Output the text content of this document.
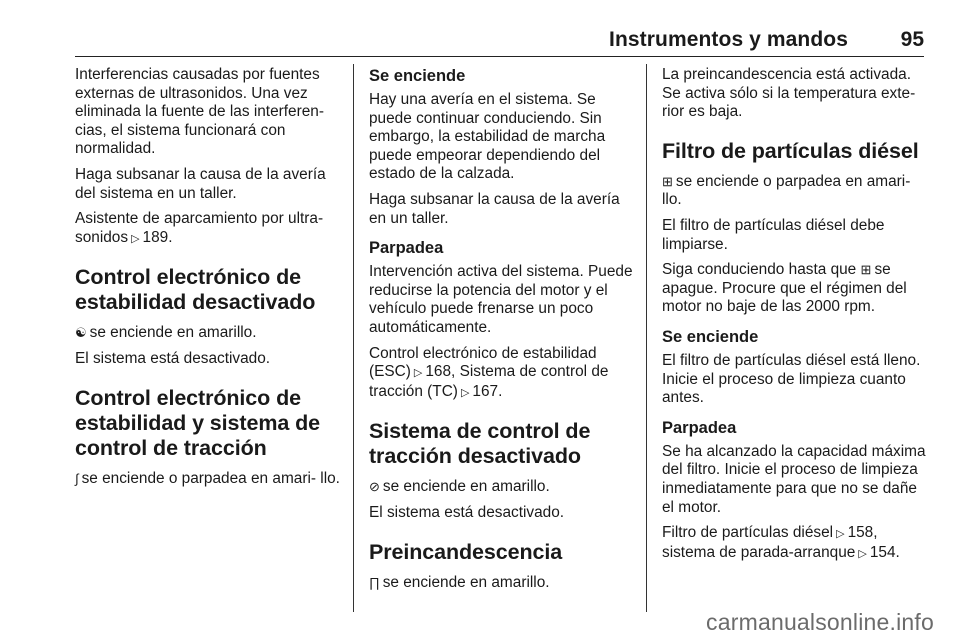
Instrumentos y mandos	95

Interferencias causadas por fuentes externas de ultrasonidos. Una vez eliminada la fuente de las interferen- cias, el sistema funcionará con normalidad.

Haga subsanar la causa de la avería del sistema en un taller.

Asistente de aparcamiento por ultra- sonidos ▷ 189.

Control electrónico de estabilidad desactivado

☯ se enciende en amarillo.

El sistema está desactivado.

Control electrónico de estabilidad y sistema de control de tracción

∫ se enciende o parpadea en amari- llo.

Se enciende

Hay una avería en el sistema. Se puede continuar conduciendo. Sin embargo, la estabilidad de marcha puede empeorar dependiendo del estado de la calzada.

Haga subsanar la causa de la avería en un taller.

Parpadea

Intervención activa del sistema. Puede reducirse la potencia del motor y el vehículo puede frenarse un poco automáticamente.

Control electrónico de estabilidad (ESC) ▷ 168, Sistema de control de tracción (TC) ▷ 167.

Sistema de control de tracción desactivado

⊘ se enciende en amarillo.

El sistema está desactivado.

Preincandescencia

∏ se enciende en amarillo.

La preincandescencia está activada. Se activa sólo si la temperatura exte- rior es baja.

Filtro de partículas diésel

⊞ se enciende o parpadea en amari- llo.

El filtro de partículas diésel debe limpiarse.

Siga conduciendo hasta que ⊞ se apague. Procure que el régimen del motor no baje de las 2000 rpm.

Se enciende

El filtro de partículas diésel está lleno. Inicie el proceso de limpieza cuanto antes.

Parpadea

Se ha alcanzado la capacidad máxima del filtro. Inicie el proceso de limpieza inmediatamente para que no se dañe el motor.

Filtro de partículas diésel ▷ 158, sistema de parada-arranque ▷ 154.

carmanualsonline.info
